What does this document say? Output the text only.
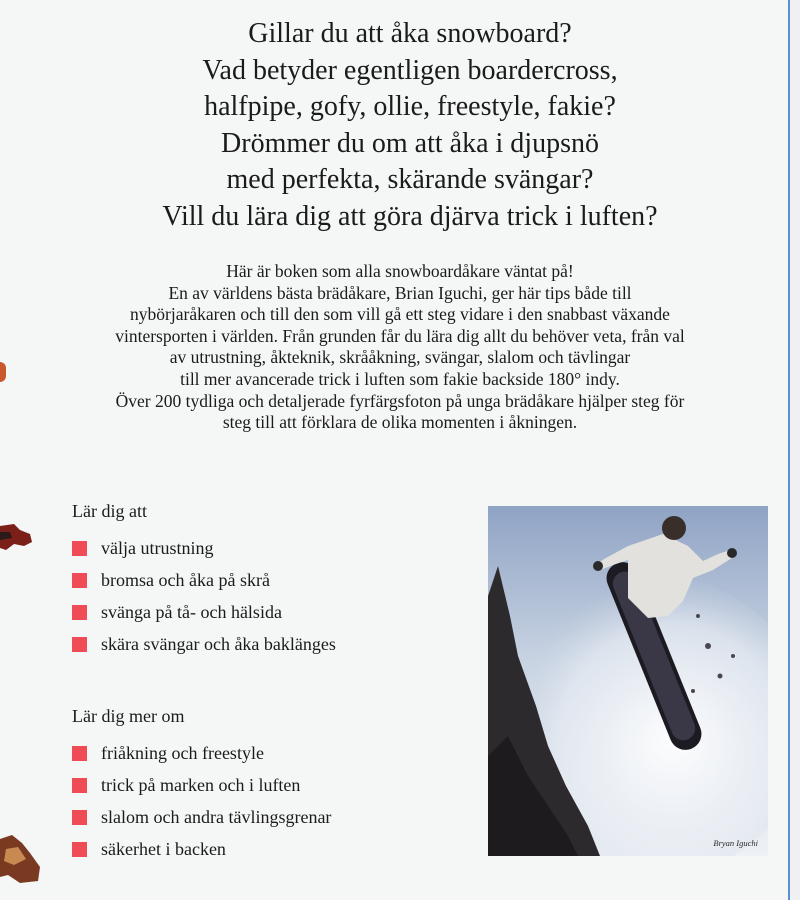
Gillar du att åka snowboard?
Vad betyder egentligen boardercross,
halfpipe, gofy, ollie, freestyle, fakie?
Drömmer du om att åka i djupsnö
med perfekta, skärande svängar?
Vill du lära dig att göra djärva trick i luften?
Här är boken som alla snowboardåkare väntat på!
En av världens bästa brädåkare, Brian Iguchi, ger här tips både till
nybörjaråkaren och till den som vill gå ett steg vidare i den snabbast växande
vintersporten i världen. Från grunden får du lära dig allt du behöver veta, från val
av utrustning, åkteknik, skrååkning, svängar, slalom och tävlingar
till mer avancerade trick i luften som fakie backside 180° indy.
Över 200 tydliga och detaljerade fyrfärgsfoton på unga brädåkare hjälper steg för
steg till att förklara de olika momenten i åkningen.
Lär dig att
välja utrustning
bromsa och åka på skrå
svänga på tå- och hälsida
skära svängar och åka baklänges
Lär dig mer om
friåkning och freestyle
trick på marken och i luften
slalom och andra tävlingsgrenar
säkerhet i backen	Bryan Iguchi
